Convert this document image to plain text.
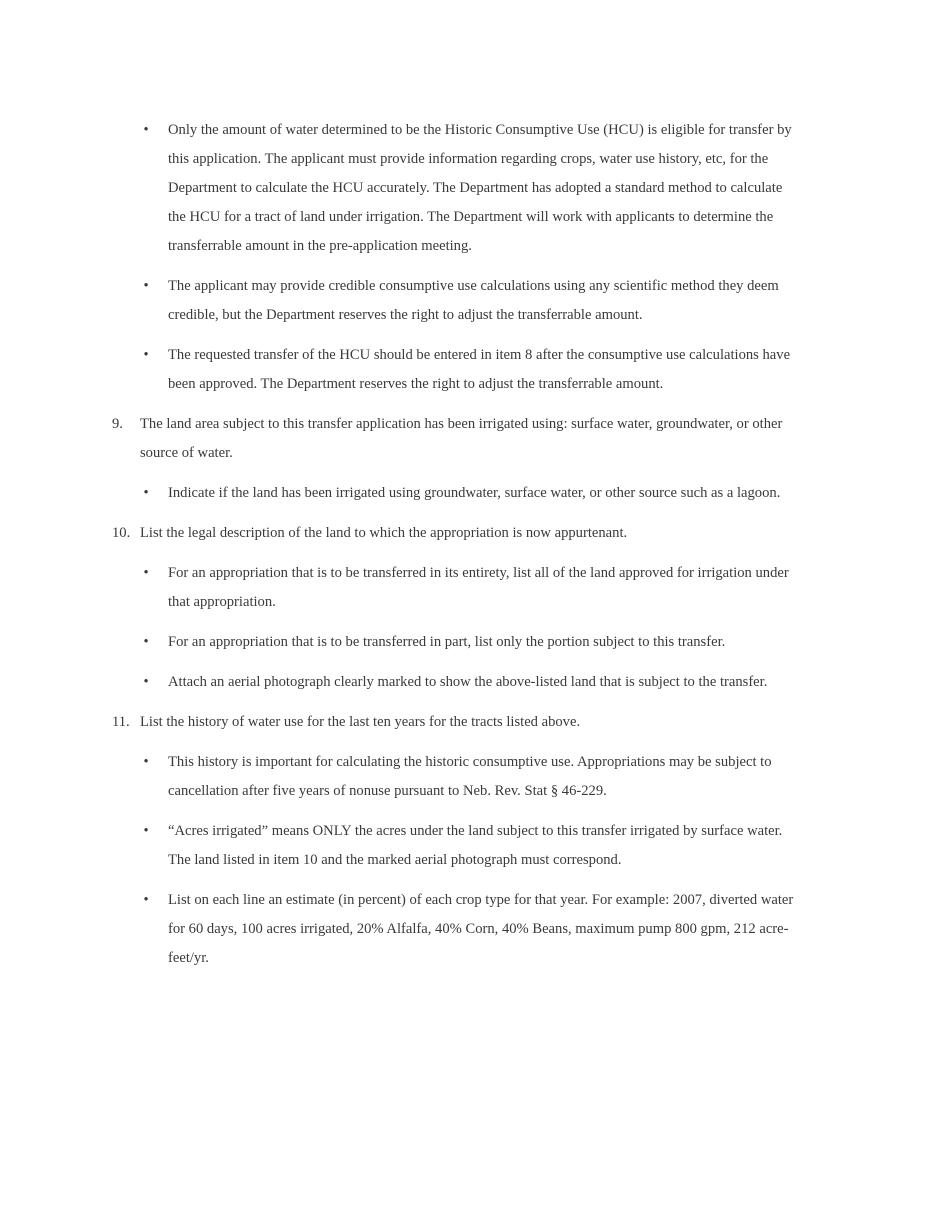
• Only the amount of water determined to be the Historic Consumptive Use (HCU) is eligible for transfer by this application. The applicant must provide information regarding crops, water use history, etc, for the Department to calculate the HCU accurately. The Department has adopted a standard method to calculate the HCU for a tract of land under irrigation. The Department will work with applicants to determine the transferrable amount in the pre-application meeting.
• The applicant may provide credible consumptive use calculations using any scientific method they deem credible, but the Department reserves the right to adjust the transferrable amount.
• The requested transfer of the HCU should be entered in item 8 after the consumptive use calculations have been approved. The Department reserves the right to adjust the transferrable amount.
9. The land area subject to this transfer application has been irrigated using: surface water, groundwater, or other source of water.
• Indicate if the land has been irrigated using groundwater, surface water, or other source such as a lagoon.
10. List the legal description of the land to which the appropriation is now appurtenant.
• For an appropriation that is to be transferred in its entirety, list all of the land approved for irrigation under that appropriation.
• For an appropriation that is to be transferred in part, list only the portion subject to this transfer.
• Attach an aerial photograph clearly marked to show the above-listed land that is subject to the transfer.
11. List the history of water use for the last ten years for the tracts listed above.
• This history is important for calculating the historic consumptive use. Appropriations may be subject to cancellation after five years of nonuse pursuant to Neb. Rev. Stat § 46-229.
• “Acres irrigated” means ONLY the acres under the land subject to this transfer irrigated by surface water. The land listed in item 10 and the marked aerial photograph must correspond.
• List on each line an estimate (in percent) of each crop type for that year. For example: 2007, diverted water for 60 days, 100 acres irrigated, 20% Alfalfa, 40% Corn, 40% Beans, maximum pump 800 gpm, 212 acre-feet/yr.
